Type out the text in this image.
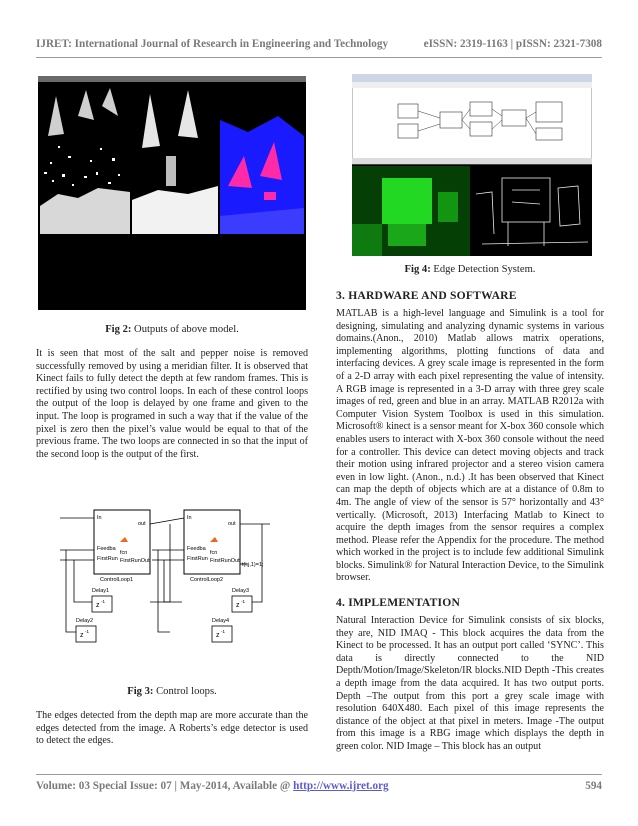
IJRET: International Journal of Research in Engineering and Technology	eISSN: 2319-1163 | pISSN: 2321-7308
Fig 2: Outputs of above model.
It is seen that most of the salt and pepper noise is removed successfully removed by using a meridian filter. It is observed that Kinect fails to fully detect the depth at few random frames. This is rectified by using two control loops. In each of these control loops the output of the loop is delayed by one frame and given to the input. The loop is programed in such a way that if the value of the pixel is zero then the pixel’s value would be equal to that of the previous frame. The two loops are connected in so that the input of the second loop is the output of the first.
In
out
Feedba
fcn
FirstRun FirstRunOut
ControlLoop1
In
out
Feedba
fcn
FirstRun FirstRunOut
ControlLoop2
t(i,j,1)=1;
Delay1
z
-1
Delay2
z
-1
Delay3
z
-1
Delay4
z
-1
Fig 3: Control loops.
The edges detected from the depth map are more accurate than the edges detected from the image. A Roberts’s edge detector is used to detect the edges.
Fig 4: Edge Detection System.
3. HARDWARE AND SOFTWARE
MATLAB is a high-level language and Simulink is a tool for designing, simulating and analyzing dynamic systems in various domains.(Anon., 2010) Matlab allows matrix operations, implementing algorithms, plotting functions of data and interfacing devices. A grey scale image is represented in the form of a 2-D array with each pixel representing the value of intensity. A RGB image is represented in a 3-D array with three grey scale images of red, green and blue in an array. MATLAB R2012a with Computer Vision System Toolbox is used in this simulation. Microsoft® kinect is a sensor meant for X-box 360 console which enables users to interact with X-box 360 console without the need for a controller. This device can detect moving objects and track their motion using infrared projector and a stereo vision camera even in low light. (Anon., n.d.) .It has been observed that Kinect can map the depth of objects which are at a distance of 0.8m to 4m. The angle of view of the sensor is 57° horizontally and 43° vertically. (Microsoft, 2013) Interfacing Matlab to Kinect to acquire the depth images from the sensor requires a complex method. Please refer the Appendix for the procedure. The method which worked in the project is to include few additional Simulink blocks. Simulink® for Natural Interaction Device, to the Simulink browser.
4. IMPLEMENTATION
Natural Interaction Device for Simulink consists of six blocks, they are, NID IMAQ - This block acquires the data from the Kinect to be processed. It has an output port called ‘SYNC’. This data is directly connected to the NID Depth/Motion/Image/Skeleton/IR blocks.NID Depth -This creates a depth image from the data acquired. It has two output ports. Depth –The output from this port a grey scale image with resolution 640X480. Each pixel of this image represents the distance of the object at that pixel in meters. Image -The output from this image is a RBG image which displays the depth in green color. NID Image – This block has an output
Volume: 03 Special Issue: 07 | May-2014, Available @ http://www.ijret.org	594
